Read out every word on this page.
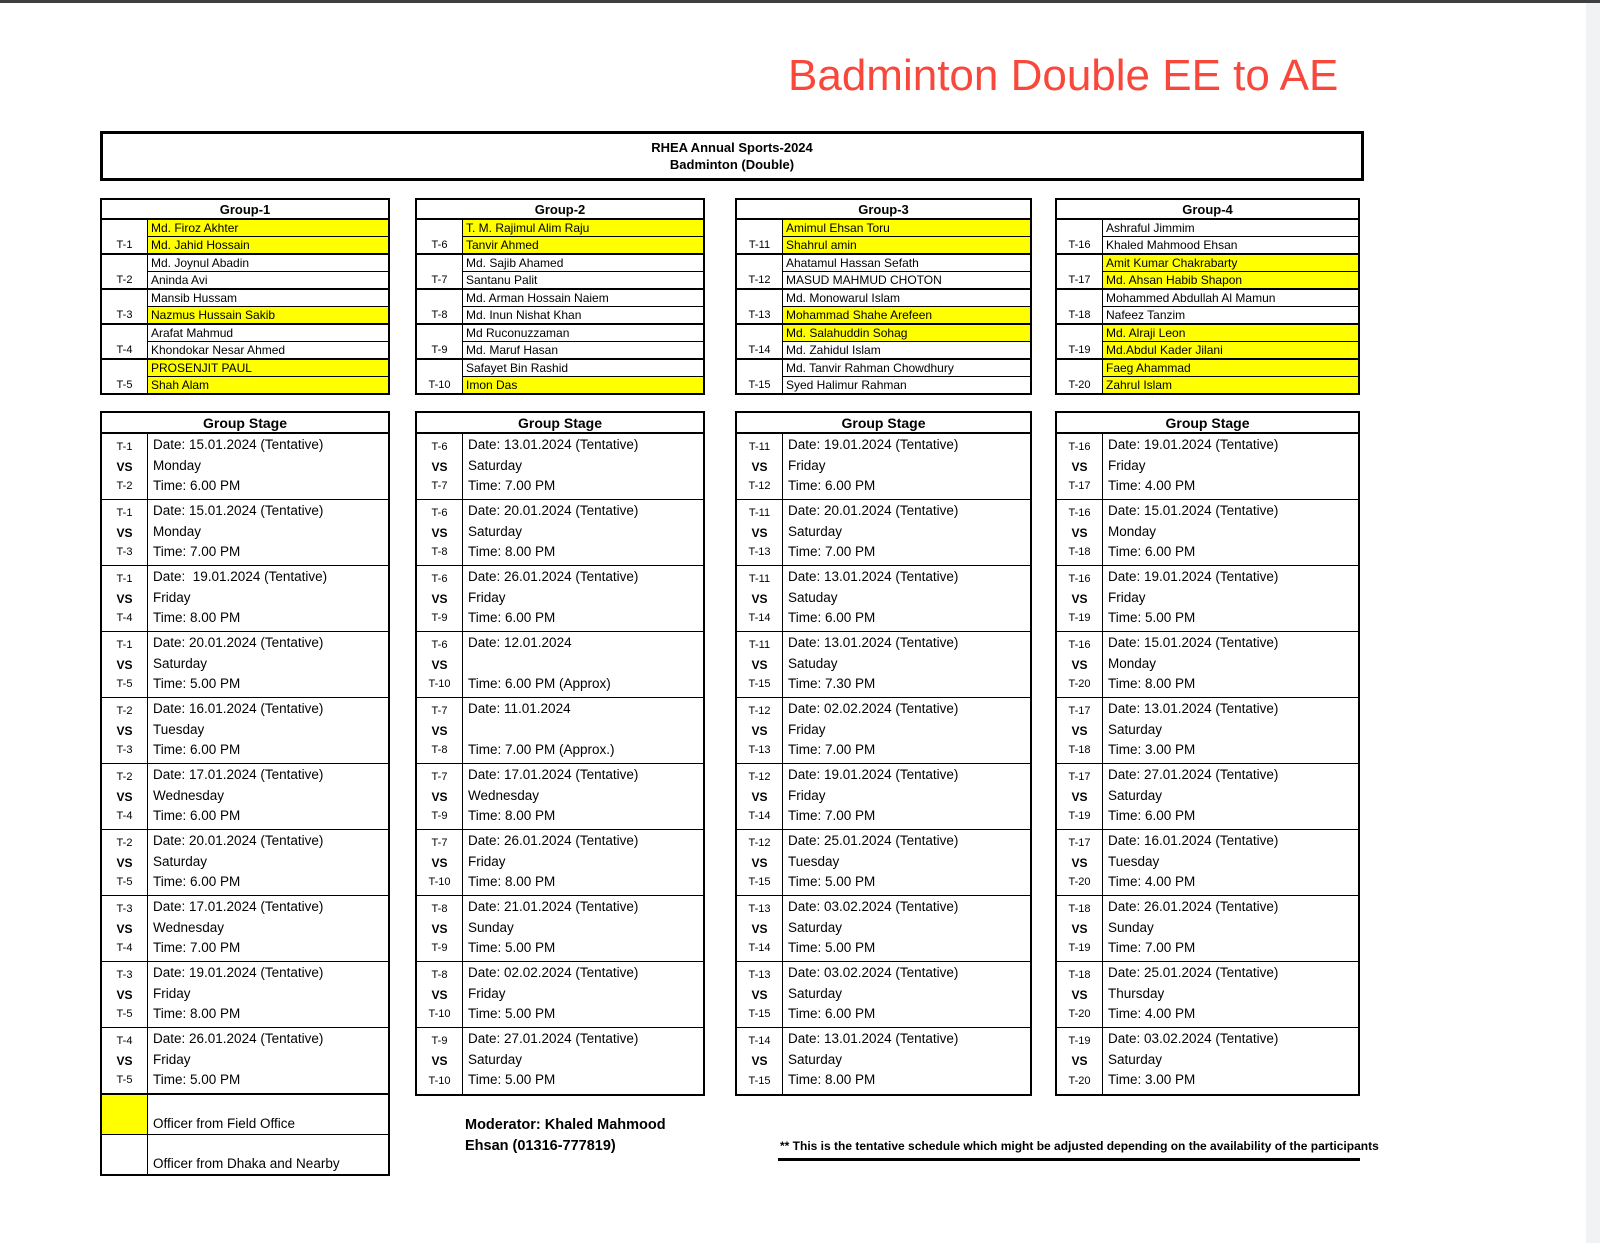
Badminton Double EE to AE
RHEA Annual Sports-2024
Badminton (Double)
Group-1
T-1
Md. Firoz Akhter
Md. Jahid Hossain
T-2
Md. Joynul Abadin
Aninda Avi
T-3
Mansib Hussam
Nazmus Hussain Sakib
T-4
Arafat Mahmud
Khondokar Nesar Ahmed
T-5
PROSENJIT PAUL
Shah Alam
Group Stage
T-1
VS
T-2
Date: 15.01.2024 (Tentative)
Monday
Time: 6.00 PM
T-1
VS
T-3
Date: 15.01.2024 (Tentative)
Monday
Time: 7.00 PM
T-1
VS
T-4
Date:  19.01.2024 (Tentative)
Friday
Time: 8.00 PM
T-1
VS
T-5
Date: 20.01.2024 (Tentative)
Saturday
Time: 5.00 PM
T-2
VS
T-3
Date: 16.01.2024 (Tentative)
Tuesday
Time: 6.00 PM
T-2
VS
T-4
Date: 17.01.2024 (Tentative)
Wednesday
Time: 6.00 PM
T-2
VS
T-5
Date: 20.01.2024 (Tentative)
Saturday
Time: 6.00 PM
T-3
VS
T-4
Date: 17.01.2024 (Tentative)
Wednesday
Time: 7.00 PM
T-3
VS
T-5
Date: 19.01.2024 (Tentative)
Friday
Time: 8.00 PM
T-4
VS
T-5
Date: 26.01.2024 (Tentative)
Friday
Time: 5.00 PM
Officer from Field Office
Officer from Dhaka and Nearby
Group-2
T-6
T. M. Rajimul Alim Raju
Tanvir Ahmed
T-7
Md. Sajib Ahamed
Santanu Palit
T-8
Md. Arman Hossain Naiem
Md. Inun Nishat Khan
T-9
Md Ruconuzzaman
Md. Maruf Hasan
T-10
Safayet Bin Rashid
Imon Das
Group Stage
T-6
VS
T-7
Date: 13.01.2024 (Tentative)
Saturday
Time: 7.00 PM
T-6
VS
T-8
Date: 20.01.2024 (Tentative)
Saturday
Time: 8.00 PM
T-6
VS
T-9
Date: 26.01.2024 (Tentative)
Friday
Time: 6.00 PM
T-6
VS
T-10
Date: 12.01.2024
Time: 6.00 PM (Approx)
T-7
VS
T-8
Date: 11.01.2024
Time: 7.00 PM (Approx.)
T-7
VS
T-9
Date: 17.01.2024 (Tentative)
Wednesday
Time: 8.00 PM
T-7
VS
T-10
Date: 26.01.2024 (Tentative)
Friday
Time: 8.00 PM
T-8
VS
T-9
Date: 21.01.2024 (Tentative)
Sunday
Time: 5.00 PM
T-8
VS
T-10
Date: 02.02.2024 (Tentative)
Friday
Time: 5.00 PM
T-9
VS
T-10
Date: 27.01.2024 (Tentative)
Saturday
Time: 5.00 PM
Group-3
T-11
Amimul Ehsan Toru
Shahrul amin
T-12
Ahatamul Hassan Sefath
MASUD MAHMUD CHOTON
T-13
Md. Monowarul Islam
Mohammad Shahe Arefeen
T-14
Md. Salahuddin Sohag
Md. Zahidul Islam
T-15
Md. Tanvir Rahman Chowdhury
Syed Halimur Rahman
Group Stage
T-11
VS
T-12
Date: 19.01.2024 (Tentative)
Friday
Time: 6.00 PM
T-11
VS
T-13
Date: 20.01.2024 (Tentative)
Saturday
Time: 7.00 PM
T-11
VS
T-14
Date: 13.01.2024 (Tentative)
Satuday
Time: 6.00 PM
T-11
VS
T-15
Date: 13.01.2024 (Tentative)
Satuday
Time: 7.30 PM
T-12
VS
T-13
Date: 02.02.2024 (Tentative)
Friday
Time: 7.00 PM
T-12
VS
T-14
Date: 19.01.2024 (Tentative)
Friday
Time: 7.00 PM
T-12
VS
T-15
Date: 25.01.2024 (Tentative)
Tuesday
Time: 5.00 PM
T-13
VS
T-14
Date: 03.02.2024 (Tentative)
Saturday
Time: 5.00 PM
T-13
VS
T-15
Date: 03.02.2024 (Tentative)
Saturday
Time: 6.00 PM
T-14
VS
T-15
Date: 13.01.2024 (Tentative)
Saturday
Time: 8.00 PM
Group-4
T-16
Ashraful Jimmim
Khaled Mahmood Ehsan
T-17
Amit Kumar Chakrabarty
Md. Ahsan Habib Shapon
T-18
Mohammed Abdullah Al Mamun
Nafeez Tanzim
T-19
Md. Alraji Leon
Md.Abdul Kader Jilani
T-20
Faeg Ahammad
Zahrul Islam
Group Stage
T-16
VS
T-17
Date: 19.01.2024 (Tentative)
Friday
Time: 4.00 PM
T-16
VS
T-18
Date: 15.01.2024 (Tentative)
Monday
Time: 6.00 PM
T-16
VS
T-19
Date: 19.01.2024 (Tentative)
Friday
Time: 5.00 PM
T-16
VS
T-20
Date: 15.01.2024 (Tentative)
Monday
Time: 8.00 PM
T-17
VS
T-18
Date: 13.01.2024 (Tentative)
Saturday
Time: 3.00 PM
T-17
VS
T-19
Date: 27.01.2024 (Tentative)
Saturday
Time: 6.00 PM
T-17
VS
T-20
Date: 16.01.2024 (Tentative)
Tuesday
Time: 4.00 PM
T-18
VS
T-19
Date: 26.01.2024 (Tentative)
Sunday
Time: 7.00 PM
T-18
VS
T-20
Date: 25.01.2024 (Tentative)
Thursday
Time: 4.00 PM
T-19
VS
T-20
Date: 03.02.2024 (Tentative)
Saturday
Time: 3.00 PM
Moderator: Khaled Mahmood
Ehsan (01316-777819)	** This is the tentative schedule which might be adjusted depending on the availability of the participants
